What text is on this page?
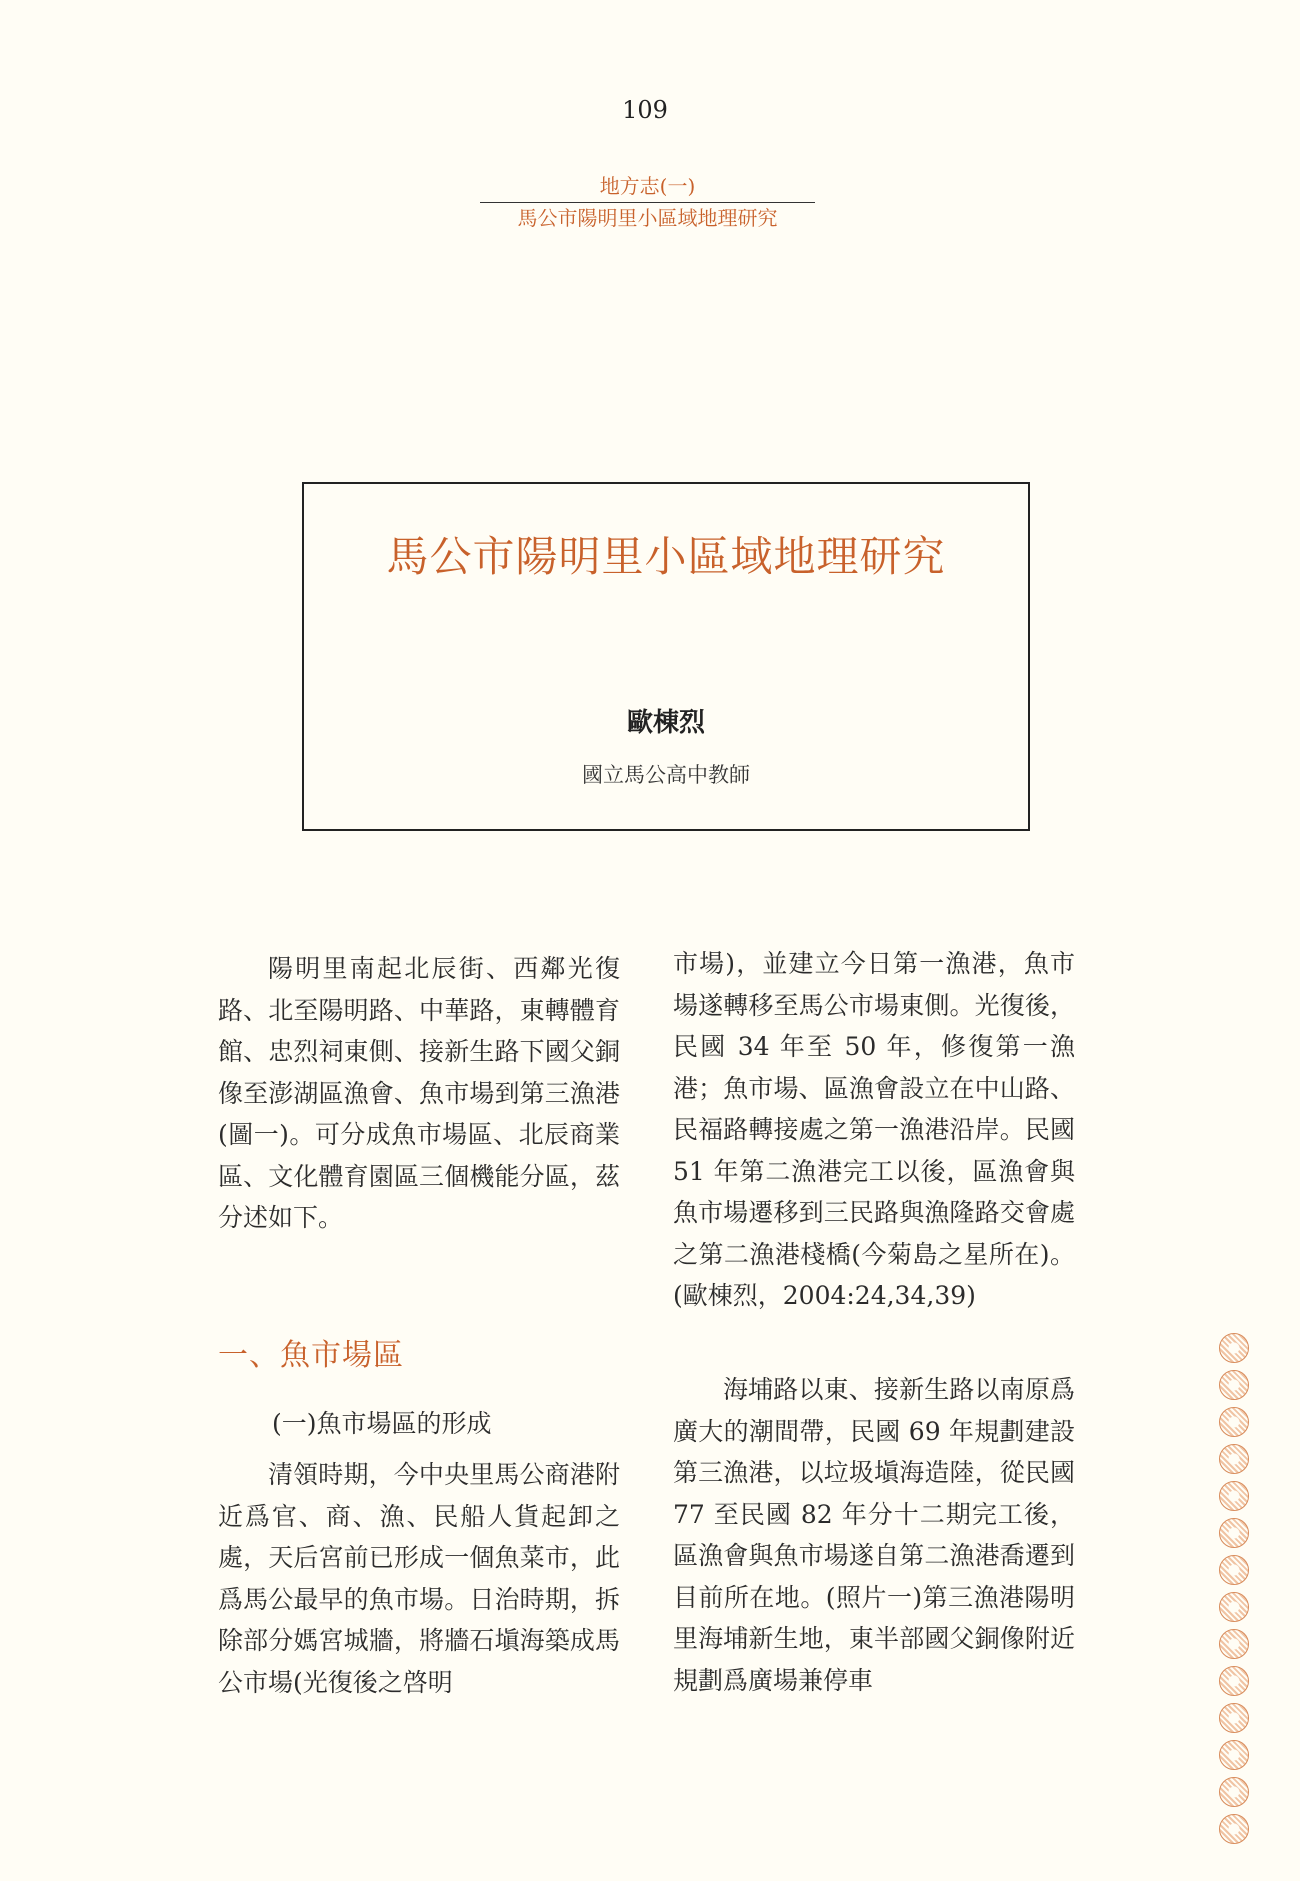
109
地方志(一)
馬公市陽明里小區域地理研究
馬公市陽明里小區域地理研究
歐棟烈
國立馬公高中教師

陽明里南起北辰街、西鄰光復路、北至陽明路、中華路，東轉體育館、忠烈祠東側、接新生路下國父銅像至澎湖區漁會、魚市場到第三漁港(圖一)。可分成魚市場區、北辰商業區、文化體育園區三個機能分區，茲分述如下。

一、魚市場區
(一)魚市場區的形成

清領時期，今中央里馬公商港附近爲官、商、漁、民船人貨起卸之處，天后宮前已形成一個魚菜市，此爲馬公最早的魚市場。日治時期，拆除部分媽宮城牆，將牆石塡海築成馬公市場(光復後之啓明

市場)，並建立今日第一漁港，魚市場遂轉移至馬公市場東側。光復後，民國 34 年至 50 年，修復第一漁港；魚市場、區漁會設立在中山路、民福路轉接處之第一漁港沿岸。民國 51 年第二漁港完工以後，區漁會與魚市場遷移到三民路與漁隆路交會處之第二漁港棧橋(今菊島之星所在)。(歐棟烈，2004:24,34,39)

海埔路以東、接新生路以南原爲廣大的潮間帶，民國 69 年規劃建設第三漁港，以垃圾塡海造陸，從民國 77 至民國 82 年分十二期完工後，區漁會與魚市場遂自第二漁港喬遷到目前所在地。(照片一)第三漁港陽明里海埔新生地，東半部國父銅像附近規劃爲廣場兼停車
